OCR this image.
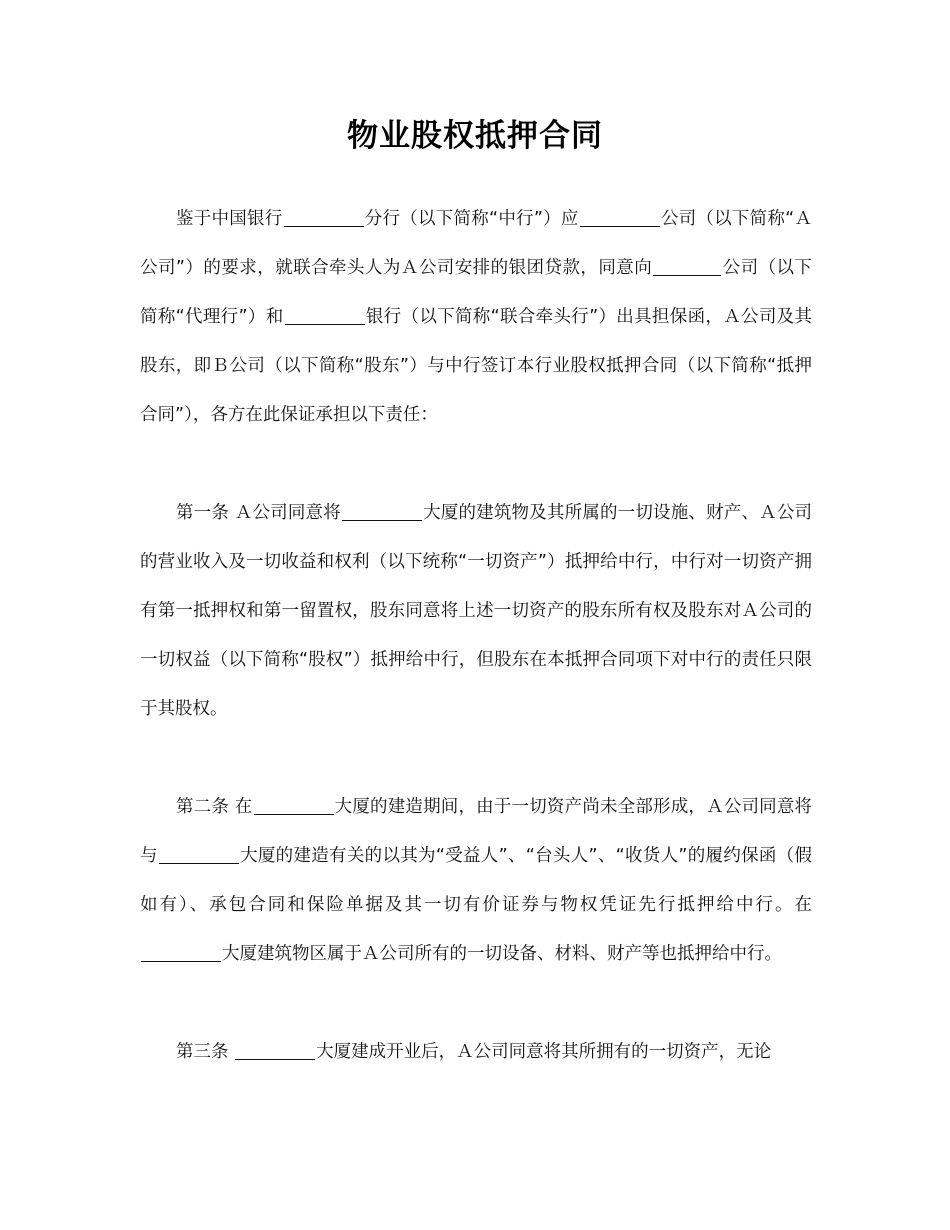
物业股权抵押合同

鉴于中国银行	分行（以下简称“中行”）应	公司（以下简称“Ａ公司”）的要求，就联合牵头人为Ａ公司安排的银团贷款，同意向	公司（以下简称“代理行”）和	银行（以下简称“联合牵头行”）出具担保函，Ａ公司及其股东，即Ｂ公司（以下简称“股东”）与中行签订本行业股权抵押合同（以下简称“抵押合同”），各方在此保证承担以下责任：

第一条 Ａ公司同意将	大厦的建筑物及其所属的一切设施、财产、Ａ公司的营业收入及一切收益和权利（以下统称“一切资产”）抵押给中行，中行对一切资产拥有第一抵押权和第一留置权，股东同意将上述一切资产的股东所有权及股东对Ａ公司的一切权益（以下简称“股权”）抵押给中行，但股东在本抵押合同项下对中行的责任只限于其股权。

第二条 在	大厦的建造期间，由于一切资产尚未全部形成，Ａ公司同意将与	大厦的建造有关的以其为“受益人”、“台头人”、“收货人”的履约保函（假如有）、承包合同和保险单据及其一切有价证券与物权凭证先行抵押给中行。在大厦建筑物区属于Ａ公司所有的一切设备、材料、财产等也抵押给中行。

第三条	大厦建成开业后，Ａ公司同意将其所拥有的一切资产，无论
